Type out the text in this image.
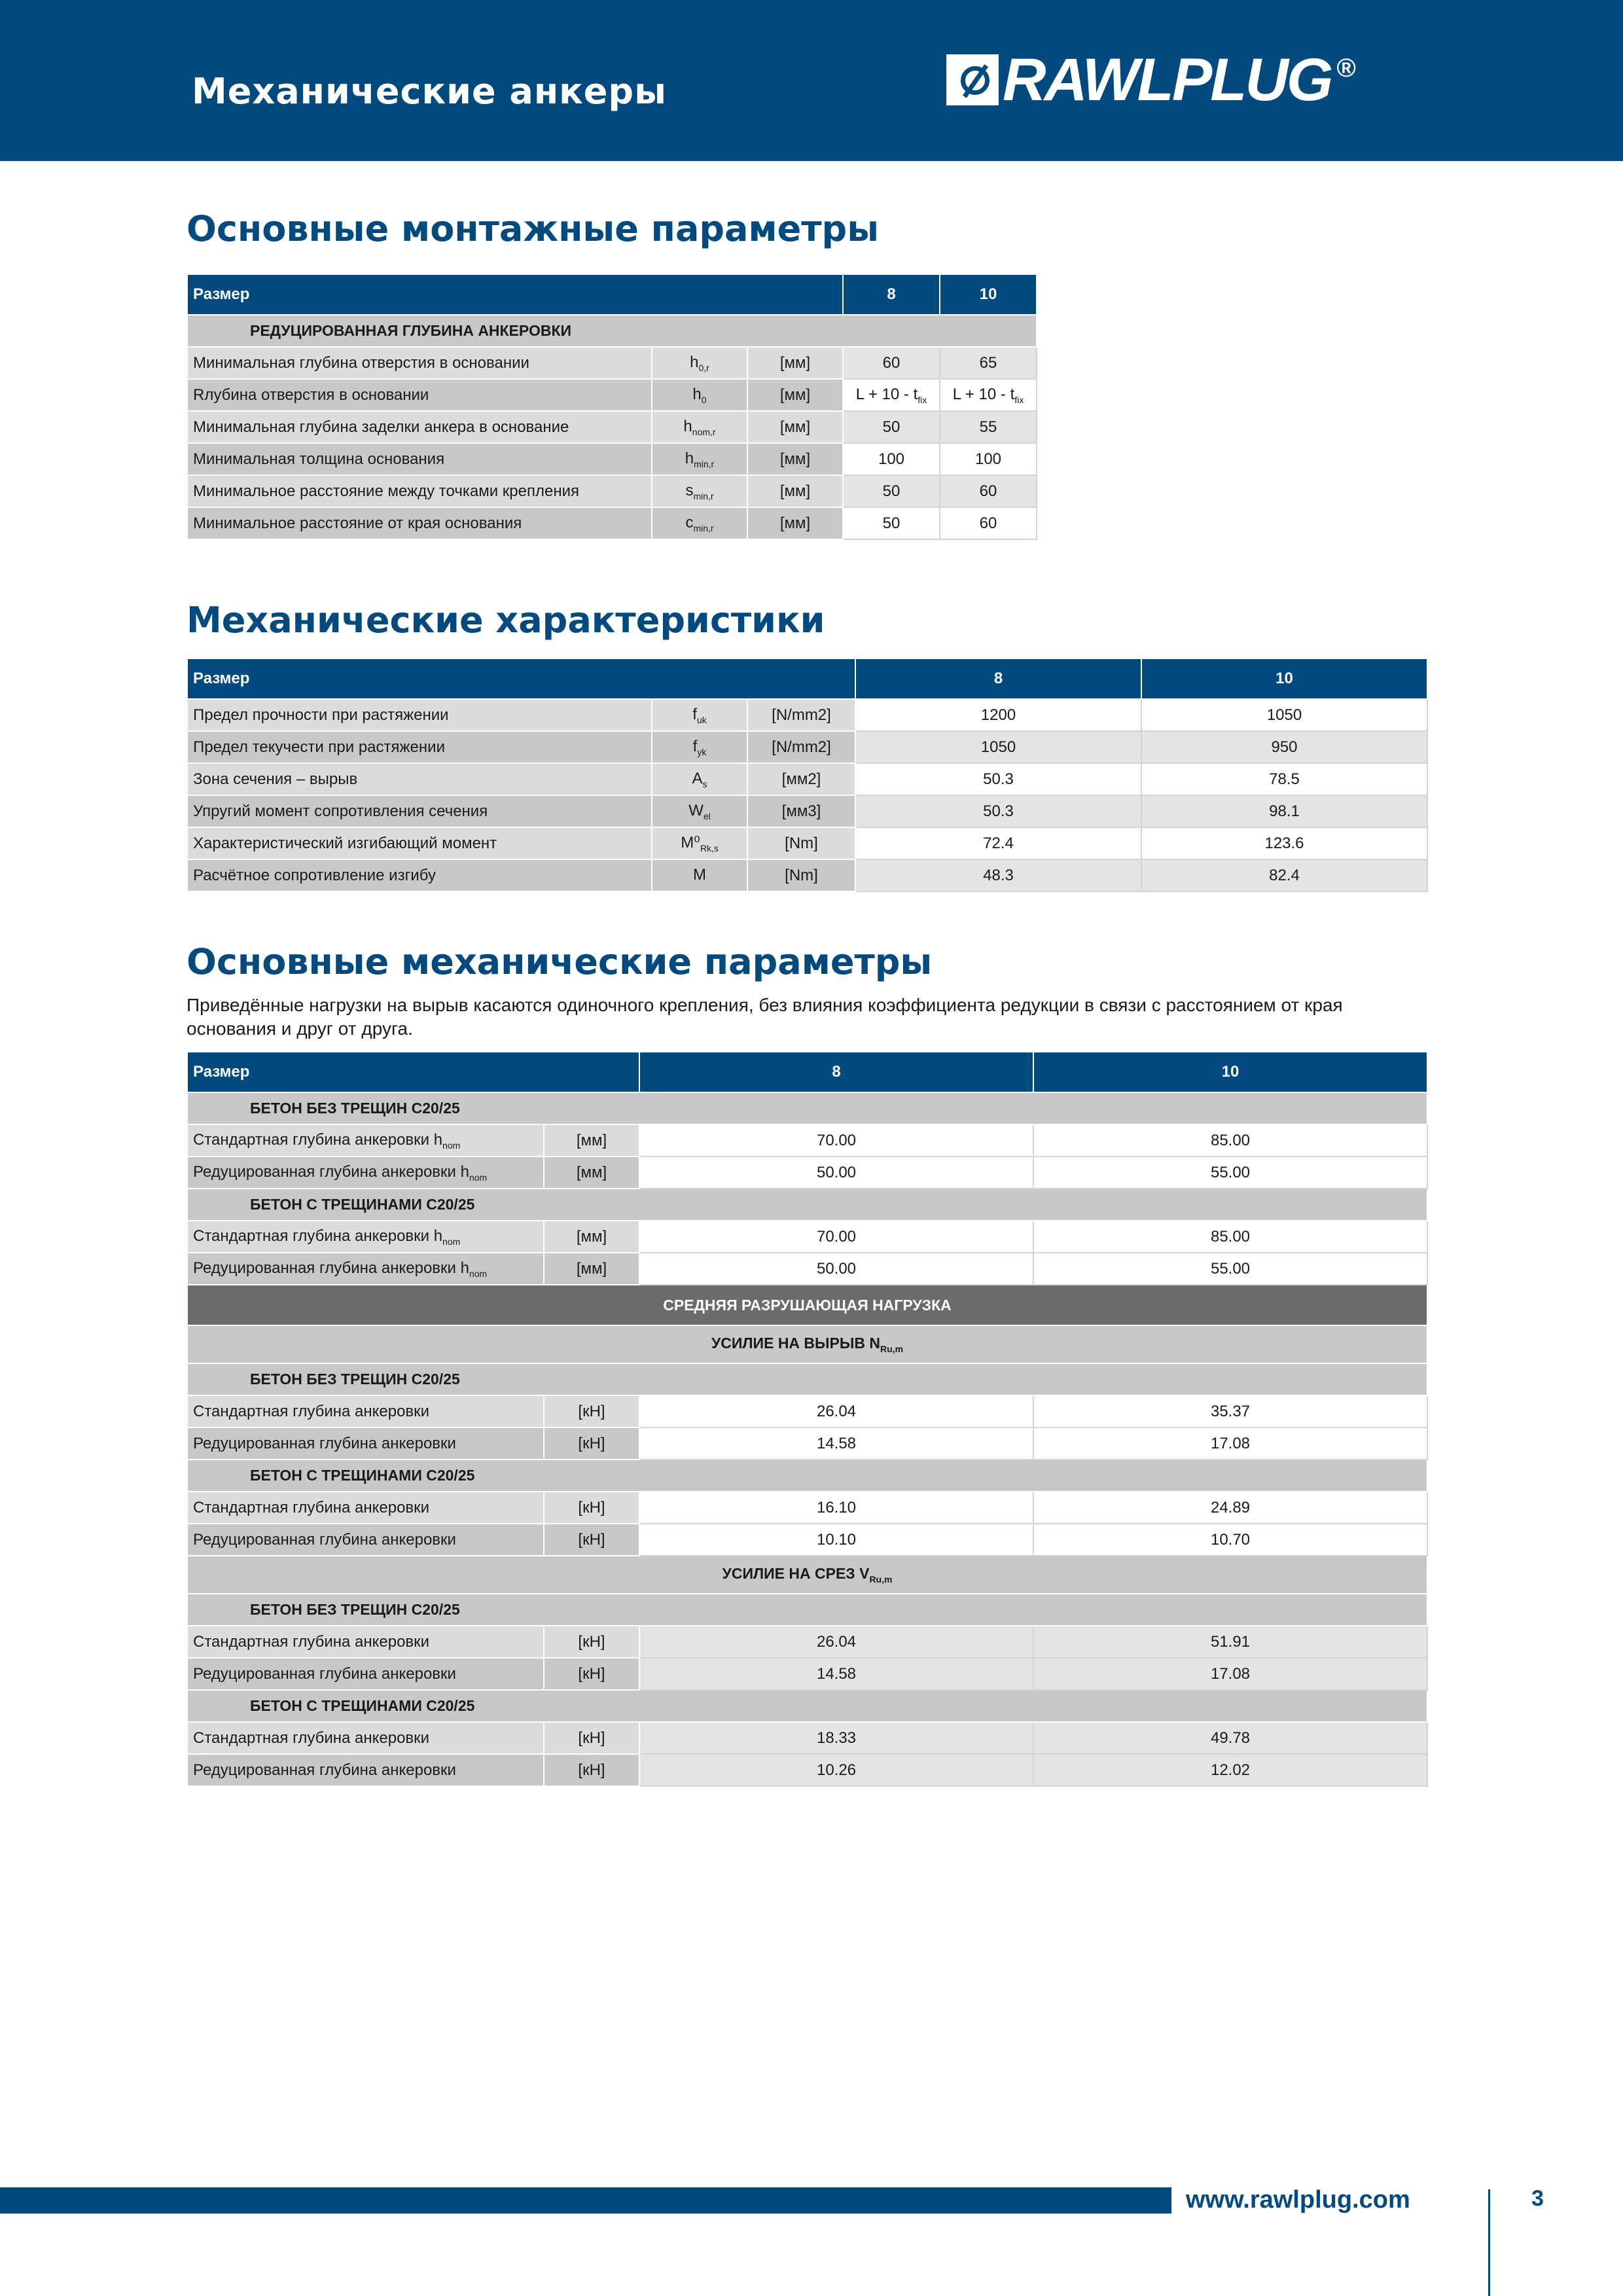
Механические анкеры	RAWLPLUG ®
Основные монтажные параметры
Размер			8	10
РЕДУЦИРОВАННАЯ ГЛУБИНА АНКЕРОВКИ				
Минимальная глубина отверстия в основании	$h_{0,r}$	[мм]	60	65
Rлубина отверстия в основании	$h_0$	[мм]	$L + 10 - t_{fix}$	$L + 10 - t_{fix}$
Минимальная глубина заделки анкера в основание	$h_{nom,r}$	[мм]	50	55
Минимальная толщина основания	$h_{min,r}$	[мм]	100	100
Минимальное расстояние между точками крепления	$s_{min,r}$	[мм]	50	60
Минимальное расстояние от края основания	$c_{min,r}$	[мм]	50	60
Механические характеристики
Размер			8	10
Предел прочности при растяжении	$f_{uk}$	[N/mm2]	1200	1050
Предел текучести при растяжении	$f_{yk}$	[N/mm2]	1050	950
Зона сечения – вырыв	$A_s$	[мм2]	50.3	78.5
Упругий момент сопротивления сечения	$W_{el}$	[мм3]	50.3	98.1
Характеристический изгибающий момент	$M^0_{Rk,s}$	[Nm]	72.4	123.6
Расчётное сопротивление изгибу	M	[Nm]	48.3	82.4
Основные механические параметры
Приведённые нагрузки на вырыв касаются одиночного крепления, без влияния коэффициента редукции в связи с расстоянием от края основания и друг от друга.
Размер		8	10
БЕТОН БЕЗ ТРЕЩИН C20/25			
Стандартная глубина анкеровки $h_{nom}$	[мм]	70.00	85.00
Редуцированная глубина анкеровки $h_{nom}$	[мм]	50.00	55.00
БЕТОН С ТРЕЩИНАМИ C20/25			
Стандартная глубина анкеровки $h_{nom}$	[мм]	70.00	85.00
Редуцированная глубина анкеровки $h_{nom}$	[мм]	50.00	55.00
СРЕДНЯЯ РАЗРУШАЮЩАЯ НАГРУЗКА			
УСИЛИЕ НА ВЫРЫВ $N_{Ru,m}$
БЕТОН БЕЗ ТРЕЩИН C20/25			
Стандартная глубина анкеровки	[кН]	26.04	35.37
Редуцированная глубина анкеровки	[кН]	14.58	17.08
БЕТОН С ТРЕЩИНАМИ C20/25			
Стандартная глубина анкеровки	[кН]	16.10	24.89
Редуцированная глубина анкеровки	[кН]	10.10	10.70
УСИЛИЕ НА СРЕЗ $V_{Ru,m}$
БЕТОН БЕЗ ТРЕЩИН C20/25			
Стандартная глубина анкеровки	[кН]	26.04	51.91
Редуцированная глубина анкеровки	[кН]	14.58	17.08
БЕТОН С ТРЕЩИНАМИ C20/25			
Стандартная глубина анкеровки	[кН]	18.33	49.78
Редуцированная глубина анкеровки	[кН]	10.26	12.02
www.rawlplug.com	3
